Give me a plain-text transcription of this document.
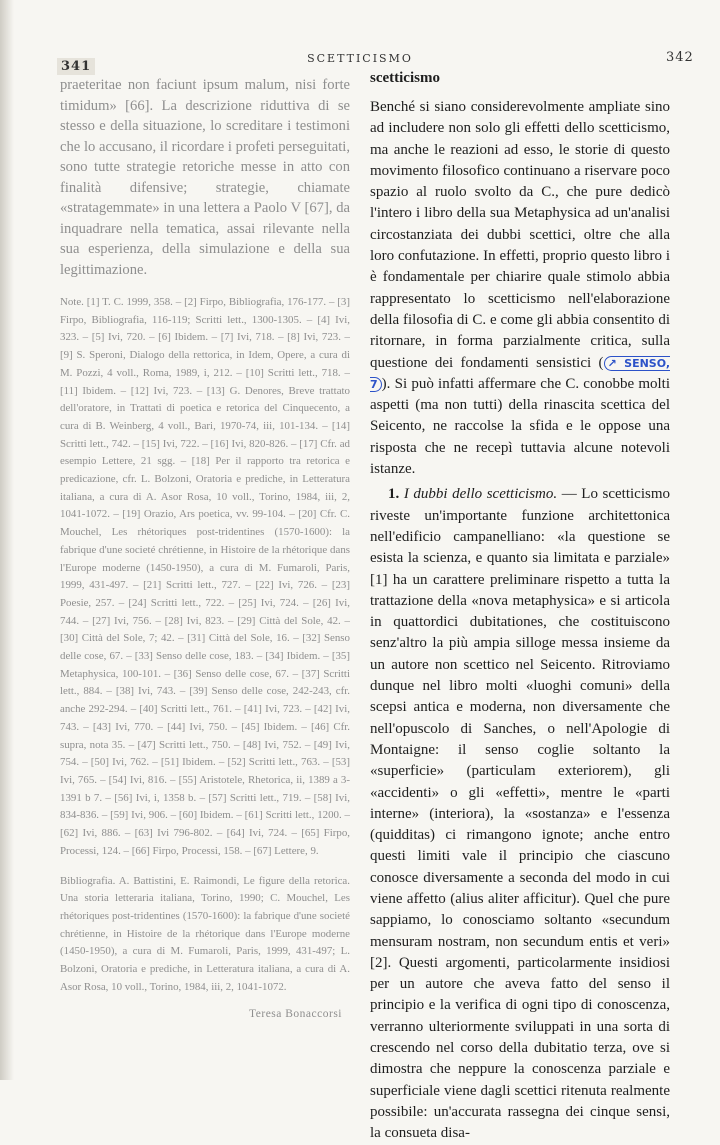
341
SCETTICISMO	342

praeteritae non faciunt ipsum malum, nisi forte timidum» [66]. La descrizione riduttiva di se stesso e della situazione, lo screditare i testimoni che lo accusano, il ricordare i profeti perseguitati, sono tutte strategie retoriche messe in atto con finalità difensive; strategie, chiamate «stratagemmate» in una lettera a Paolo V [67], da inquadrare nella tematica, assai rilevante nella sua esperienza, della simulazione e della sua legittimazione.

Note. [1] T. C. 1999, 358. – [2] Firpo, Bibliografia, 176-177. – [3] Firpo, Bibliografia, 116-119; Scritti lett., 1300-1305. – [4] Ivi, 323. – [5] Ivi, 720. – [6] Ibidem. – [7] Ivi, 718. – [8] Ivi, 723. – [9] S. Speroni, Dialogo della rettorica, in Idem, Opere, a cura di M. Pozzi, 4 voll., Roma, 1989, i, 212. – [10] Scritti lett., 718. – [11] Ibidem. – [12] Ivi, 723. – [13] G. Denores, Breve trattato dell'oratore, in Trattati di poetica e retorica del Cinquecento, a cura di B. Weinberg, 4 voll., Bari, 1970-74, iii, 101-134. – [14] Scritti lett., 742. – [15] Ivi, 722. – [16] Ivi, 820-826. – [17] Cfr. ad esempio Lettere, 21 sgg. – [18] Per il rapporto tra retorica e predicazione, cfr. L. Bolzoni, Oratoria e prediche, in Letteratura italiana, a cura di A. Asor Rosa, 10 voll., Torino, 1984, iii, 2, 1041-1072. – [19] Orazio, Ars poetica, vv. 99-104. – [20] Cfr. C. Mouchel, Les rhétoriques post-tridentines (1570-1600): la fabrique d'une societé chrétienne, in Histoire de la rhétorique dans l'Europe moderne (1450-1950), a cura di M. Fumaroli, Paris, 1999, 431-497. – [21] Scritti lett., 727. – [22] Ivi, 726. – [23] Poesie, 257. – [24] Scritti lett., 722. – [25] Ivi, 724. – [26] Ivi, 744. – [27] Ivi, 756. – [28] Ivi, 823. – [29] Città del Sole, 42. – [30] Città del Sole, 7; 42. – [31] Città del Sole, 16. – [32] Senso delle cose, 67. – [33] Senso delle cose, 183. – [34] Ibidem. – [35] Metaphysica, 100-101. – [36] Senso delle cose, 67. – [37] Scritti lett., 884. – [38] Ivi, 743. – [39] Senso delle cose, 242-243, cfr. anche 292-294. – [40] Scritti lett., 761. – [41] Ivi, 723. – [42] Ivi, 743. – [43] Ivi, 770. – [44] Ivi, 750. – [45] Ibidem. – [46] Cfr. supra, nota 35. – [47] Scritti lett., 750. – [48] Ivi, 752. – [49] Ivi, 754. – [50] Ivi, 762. – [51] Ibidem. – [52] Scritti lett., 763. – [53] Ivi, 765. – [54] Ivi, 816. – [55] Aristotele, Rhetorica, ii, 1389 a 3-1391 b 7. – [56] Ivi, i, 1358 b. – [57] Scritti lett., 719. – [58] Ivi, 834-836. – [59] Ivi, 906. – [60] Ibidem. – [61] Scritti lett., 1200. – [62] Ivi, 886. – [63] Ivi 796-802. – [64] Ivi, 724. – [65] Firpo, Processi, 124. – [66] Firpo, Processi, 158. – [67] Lettere, 9.

Bibliografia. A. Battistini, E. Raimondi, Le figure della retorica. Una storia letteraria italiana, Torino, 1990; C. Mouchel, Les rhétoriques post-tridentines (1570-1600): la fabrique d'une societé chrétienne, in Histoire de la rhétorique dans l'Europe moderne (1450-1950), a cura di M. Fumaroli, Paris, 1999, 431-497; L. Bolzoni, Oratoria e prediche, in Letteratura italiana, a cura di A. Asor Rosa, 10 voll., Torino, 1984, iii, 2, 1041-1072.

Teresa Bonaccorsi
scetticismo

Benché si siano considerevolmente ampliate sino ad includere non solo gli effetti dello scetticismo, ma anche le reazioni ad esso, le storie di questo movimento filosofico continuano a riservare poco spazio al ruolo svolto da C., che pure dedicò l'intero i libro della sua Metaphysica ad un'analisi circostanziata dei dubbi scettici, oltre che alla loro confutazione. In effetti, proprio questo libro i è fondamentale per chiarire quale stimolo abbia rappresentato lo scetticismo nell'elaborazione della filosofia di C. e come gli abbia consentito di ritornare, in forma parzialmente critica, sulla questione dei fondamenti sensistici ( ↗ SENSO, 7 ). Si può infatti affermare che C. conobbe molti aspetti (ma non tutti) della rinascita scettica del Seicento, ne raccolse la sfida e le oppose una risposta che ne recepì tuttavia alcune notevoli istanze.

1. I dubbi dello scetticismo. — Lo scetticismo riveste un'importante funzione architettonica nell'edificio campanelliano: «la questione se esista la scienza, e quanto sia limitata e parziale» [1] ha un carattere preliminare rispetto a tutta la trattazione della «nova metaphysica» e si articola in quattordici dubitationes, che costituiscono senz'altro la più ampia silloge messa insieme da un autore non scettico nel Seicento. Ritroviamo dunque nel libro molti «luoghi comuni» della scepsi antica e moderna, non diversamente che nell'opuscolo di Sanches, o nell'Apologie di Montaigne: il senso coglie soltanto la «superficie» (particulam exteriorem), gli «accidenti» o gli «effetti», mentre le «parti interne» (interiora), la «sostanza» e l'essenza (quidditas) ci rimangono ignote; anche entro questi limiti vale il principio che ciascuno conosce diversamente a seconda del modo in cui viene affetto (alius aliter afficitur). Quel che pure sappiamo, lo conosciamo soltanto «secundum mensuram nostram, non secundum entis et veri» [2]. Questi argomenti, particolarmente insidiosi per un autore che aveva fatto del senso il principio e la verifica di ogni tipo di conoscenza, verranno ulteriormente sviluppati in una sorta di crescendo nel corso della dubitatio terza, ove si dimostra che neppure la conoscenza parziale e superficiale viene dagli scettici ritenuta realmente possibile: un'accurata rassegna dei cinque sensi, la consueta disa-
